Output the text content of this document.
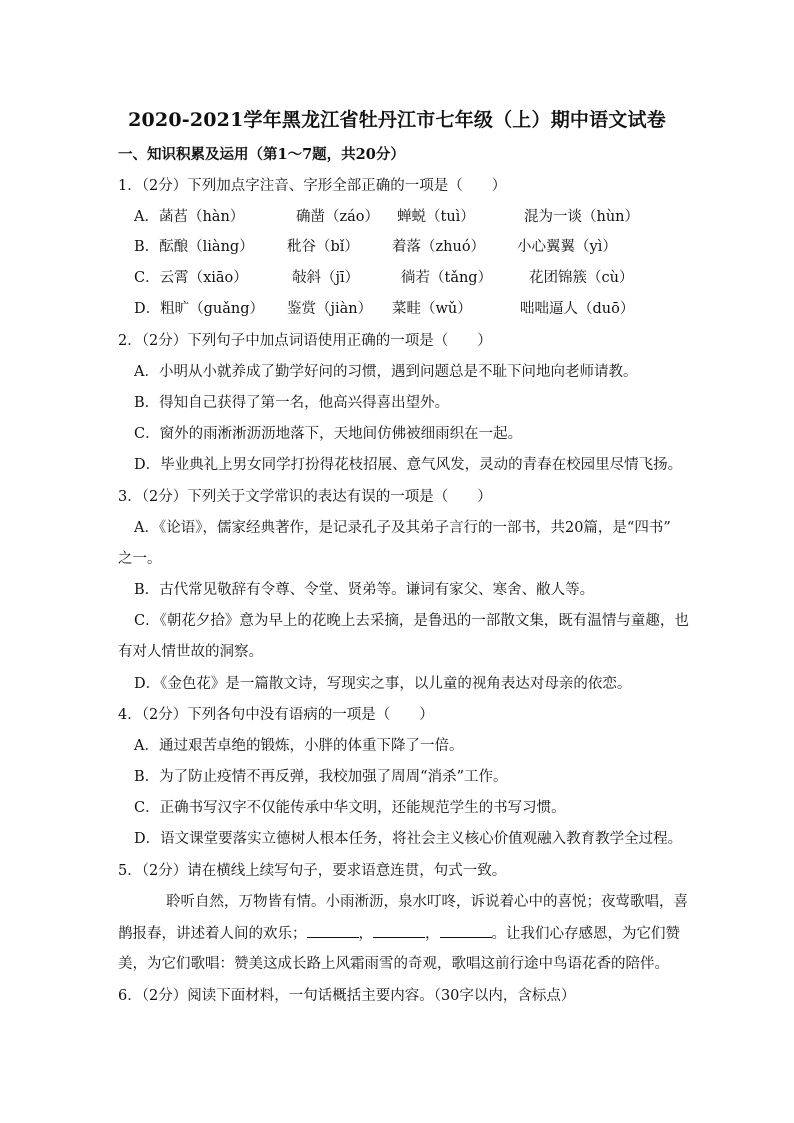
2020-2021学年黑龙江省牡丹江市七年级（上）期中语文试卷
一、知识积累及运用（第1～7题，共20分）
1．（2分）下列加点字注音、字形全部正确的一项是（　　）
A．菡萏（hàn）	确凿（záo） 蝉蜕（tuì）	混为一谈（hùn）
B．酝酿（liàng） 秕谷（bǐ） 着落（zhuó） 小心翼翼（yì）
C．云霄（xiāo）	敧斜（jī）	徜若（tǎng）	花团锦簇（cù）
D．粗旷（guǎng） 鉴赏（jiàn） 菜畦（wǔ）	咄咄逼人（duō）
2．（2分）下列句子中加点词语使用正确的一项是（　　）
A．小明从小就养成了勤学好问的习惯，遇到问题总是不耻下问地向老师请教。
B．得知自己获得了第一名，他高兴得喜出望外。
C．窗外的雨淅淅沥沥地落下，天地间仿佛被细雨织在一起。
D．毕业典礼上男女同学打扮得花枝招展、意气风发，灵动的青春在校园里尽情飞扬。
3．（2分）下列关于文学常识的表达有误的一项是（　　）
A．《论语》，儒家经典著作，是记录孔子及其弟子言行的一部书，共20篇，是“四书”
之一。
B．古代常见敬辞有令尊、令堂、贤弟等。谦词有家父、寒舍、敝人等。
C．《朝花夕拾》意为早上的花晚上去采摘，是鲁迅的一部散文集，既有温情与童趣，也
有对人情世故的洞察。
D．《金色花》是一篇散文诗，写现实之事，以儿童的视角表达对母亲的依恋。
4．（2分）下列各句中没有语病的一项是（　　）
A．通过艰苦卓绝的锻炼，小胖的体重下降了一倍。
B．为了防止疫情不再反弹，我校加强了周周“消杀”工作。
C．正确书写汉字不仅能传承中华文明，还能规范学生的书写习惯。
D．语文课堂要落实立德树人根本任务，将社会主义核心价值观融入教育教学全过程。
5．（2分）请在横线上续写句子，要求语意连贯，句式一致。
聆听自然，万物皆有情。小雨淅沥，泉水叮咚，诉说着心中的喜悦；夜莺歌唱，喜
鹊报春，讲述着人间的欢乐；	，	，	。让我们心存感恩，为它们赞
美，为它们歌唱：赞美这成长路上风霜雨雪的奇观，歌唱这前行途中鸟语花香的陪伴。
6．（2分）阅读下面材料，一句话概括主要内容。（30字以内，含标点）
